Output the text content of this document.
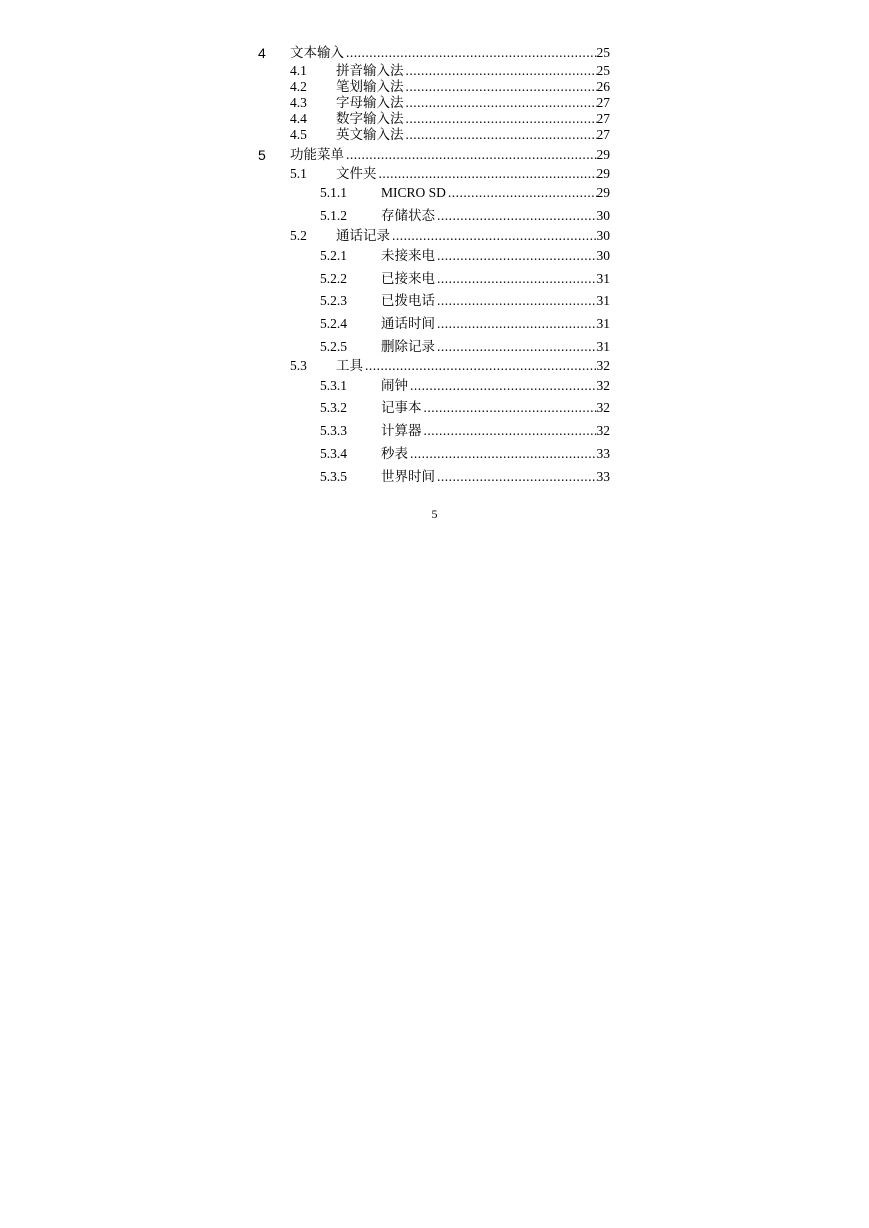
4 文本输入 .....	25
4.1 拼音输入法 .....	25
4.2 笔划输入法 .....	26
4.3 字母输入法 .....	27
4.4 数字输入法 .....	27
4.5 英文输入法 .....	27
5 功能菜单 .....	29
5.1 文件夹 .....	29
5.1.1	MICRO SD .....	29
5.1.2	存储状态 .....	30
5.2 通话记录 .....	30
5.2.1	未接来电 .....	30
5.2.2	已接来电 .....	31
5.2.3	已拨电话 .....	31
5.2.4	通话时间 .....	31
5.2.5	删除记录 .....	31
5.3 工具 .....	32
5.3.1	闹钟 .....	32
5.3.2	记事本 .....	32
5.3.3	计算器 .....	32
5.3.4	秒表 .....	33
5.3.5	世界时间 .....	33
5
